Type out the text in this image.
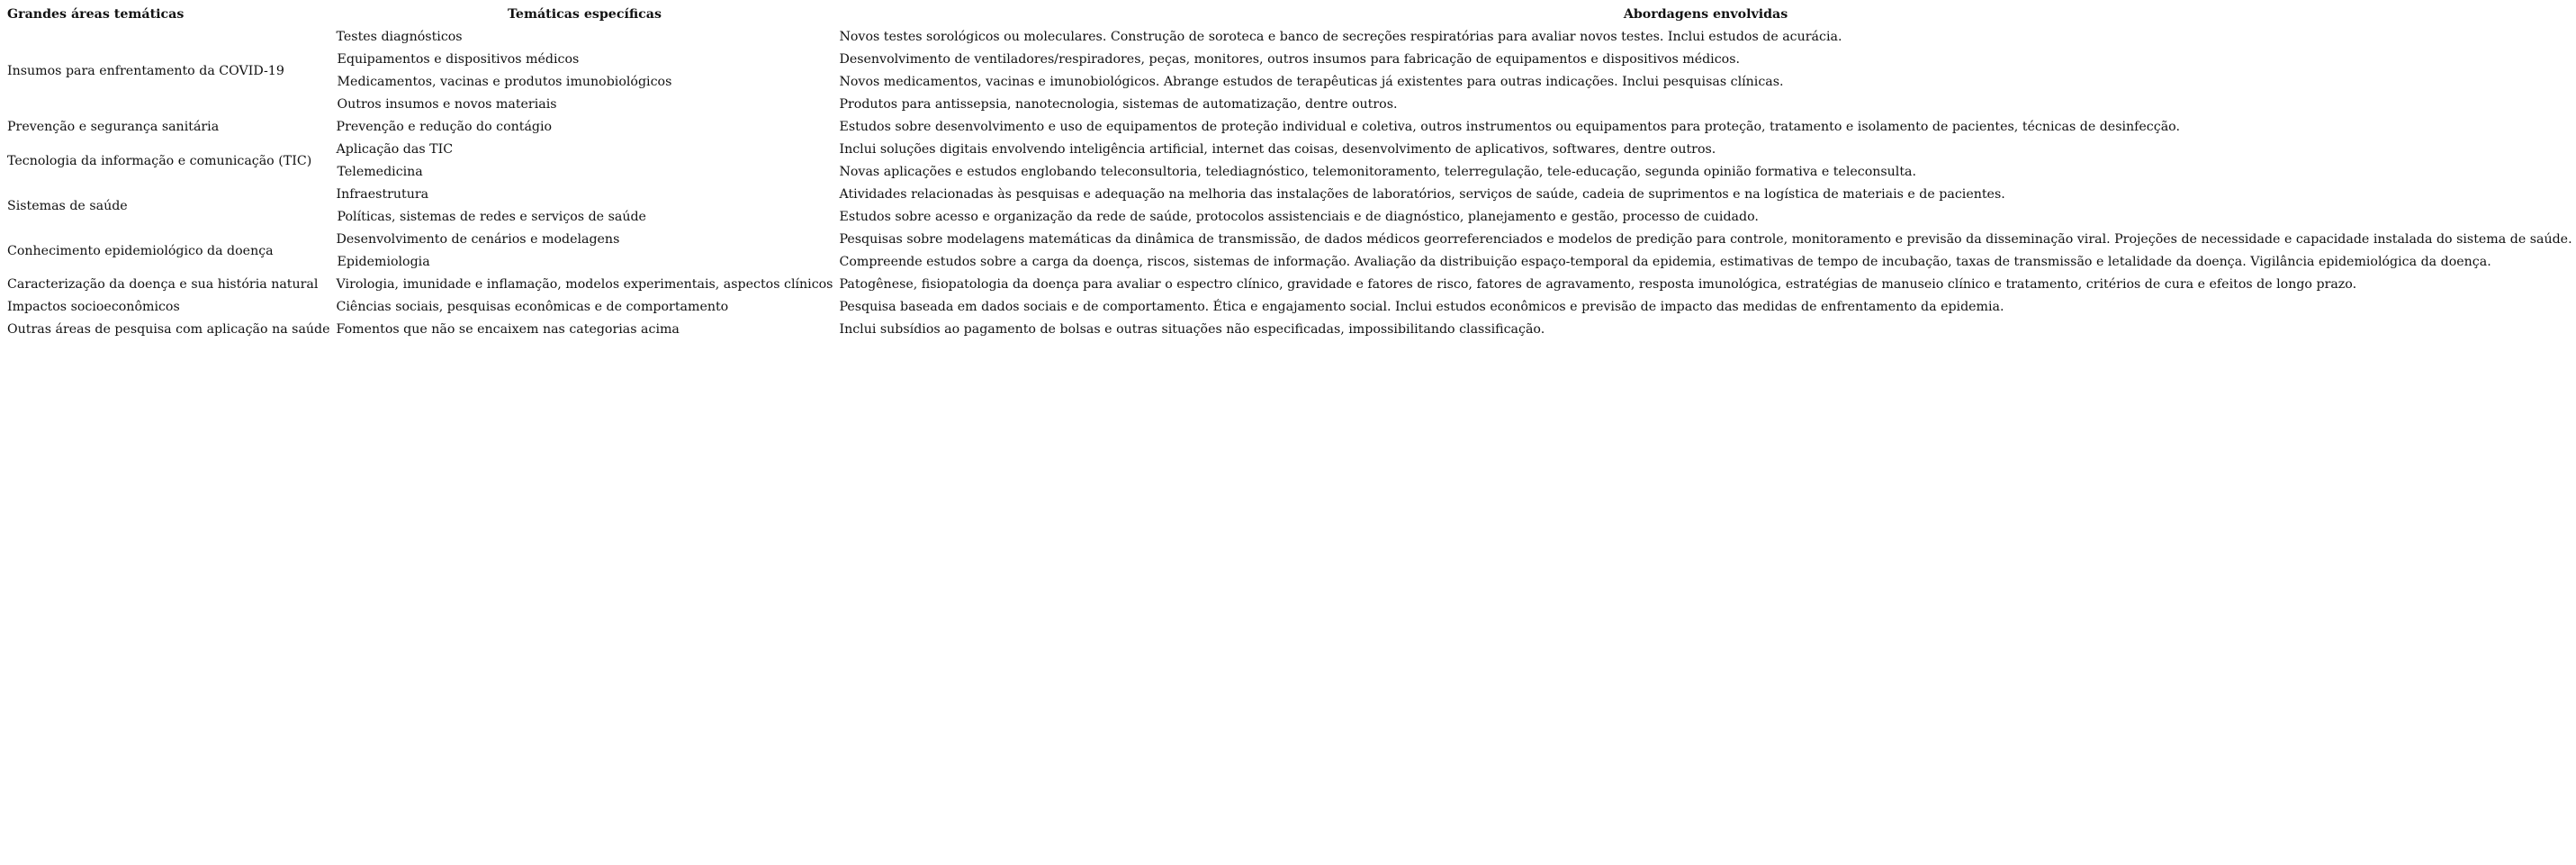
Grandes áreas temáticas	Temáticas específicas	Abordagens envolvidas
Insumos para enfrentamento da COVID-19	Testes diagnósticos	Novos testes sorológicos ou moleculares. Construção de soroteca e banco de secreções respiratórias para avaliar novos testes. Inclui estudos de acurácia.
	Equipamentos e dispositivos médicos	Desenvolvimento de ventiladores/respiradores, peças, monitores, outros insumos para fabricação de equipamentos e dispositivos médicos.
	Medicamentos, vacinas e produtos imunobiológicos	Novos medicamentos, vacinas e imunobiológicos. Abrange estudos de terapêuticas já existentes para outras indicações. Inclui pesquisas clínicas.
	Outros insumos e novos materiais	Produtos para antissepsia, nanotecnologia, sistemas de automatização, dentre outros.
Prevenção e segurança sanitária	Prevenção e redução do contágio	Estudos sobre desenvolvimento e uso de equipamentos de proteção individual e coletiva, outros instrumentos ou equipamentos para proteção, tratamento e isolamento de pacientes, técnicas de desinfecção.
Tecnologia da informação e comunicação (TIC)	Aplicação das TIC	Inclui soluções digitais envolvendo inteligência artificial, internet das coisas, desenvolvimento de aplicativos, softwares, dentre outros.
	Telemedicina	Novas aplicações e estudos englobando teleconsultoria, telediagnóstico, telemonitoramento, telerregulação, tele-educação, segunda opinião formativa e teleconsulta.
Sistemas de saúde	Infraestrutura	Atividades relacionadas às pesquisas e adequação na melhoria das instalações de laboratórios, serviços de saúde, cadeia de suprimentos e na logística de materiais e de pacientes.
	Políticas, sistemas de redes e serviços de saúde	Estudos sobre acesso e organização da rede de saúde, protocolos assistenciais e de diagnóstico, planejamento e gestão, processo de cuidado.
Conhecimento epidemiológico da doença	Desenvolvimento de cenários e modelagens	Pesquisas sobre modelagens matemáticas da dinâmica de transmissão, de dados médicos georreferenciados e modelos de predição para controle, monitoramento e previsão da disseminação viral. Projeções de necessidade e capacidade instalada do sistema de saúde.
	Epidemiologia	Compreende estudos sobre a carga da doença, riscos, sistemas de informação. Avaliação da distribuição espaço-temporal da epidemia, estimativas de tempo de incubação, taxas de transmissão e letalidade da doença. Vigilância epidemiológica da doença.
Caracterização da doença e sua história natural	Virologia, imunidade e inflamação, modelos experimentais, aspectos clínicos	Patogênese, fisiopatologia da doença para avaliar o espectro clínico, gravidade e fatores de risco, fatores de agravamento, resposta imunológica, estratégias de manuseio clínico e tratamento, critérios de cura e efeitos de longo prazo.
Impactos socioeconômicos	Ciências sociais, pesquisas econômicas e de comportamento	Pesquisa baseada em dados sociais e de comportamento. Ética e engajamento social. Inclui estudos econômicos e previsão de impacto das medidas de enfrentamento da epidemia.
Outras áreas de pesquisa com aplicação na saúde	Fomentos que não se encaixem nas categorias acima	Inclui subsídios ao pagamento de bolsas e outras situações não especificadas, impossibilitando classificação.
